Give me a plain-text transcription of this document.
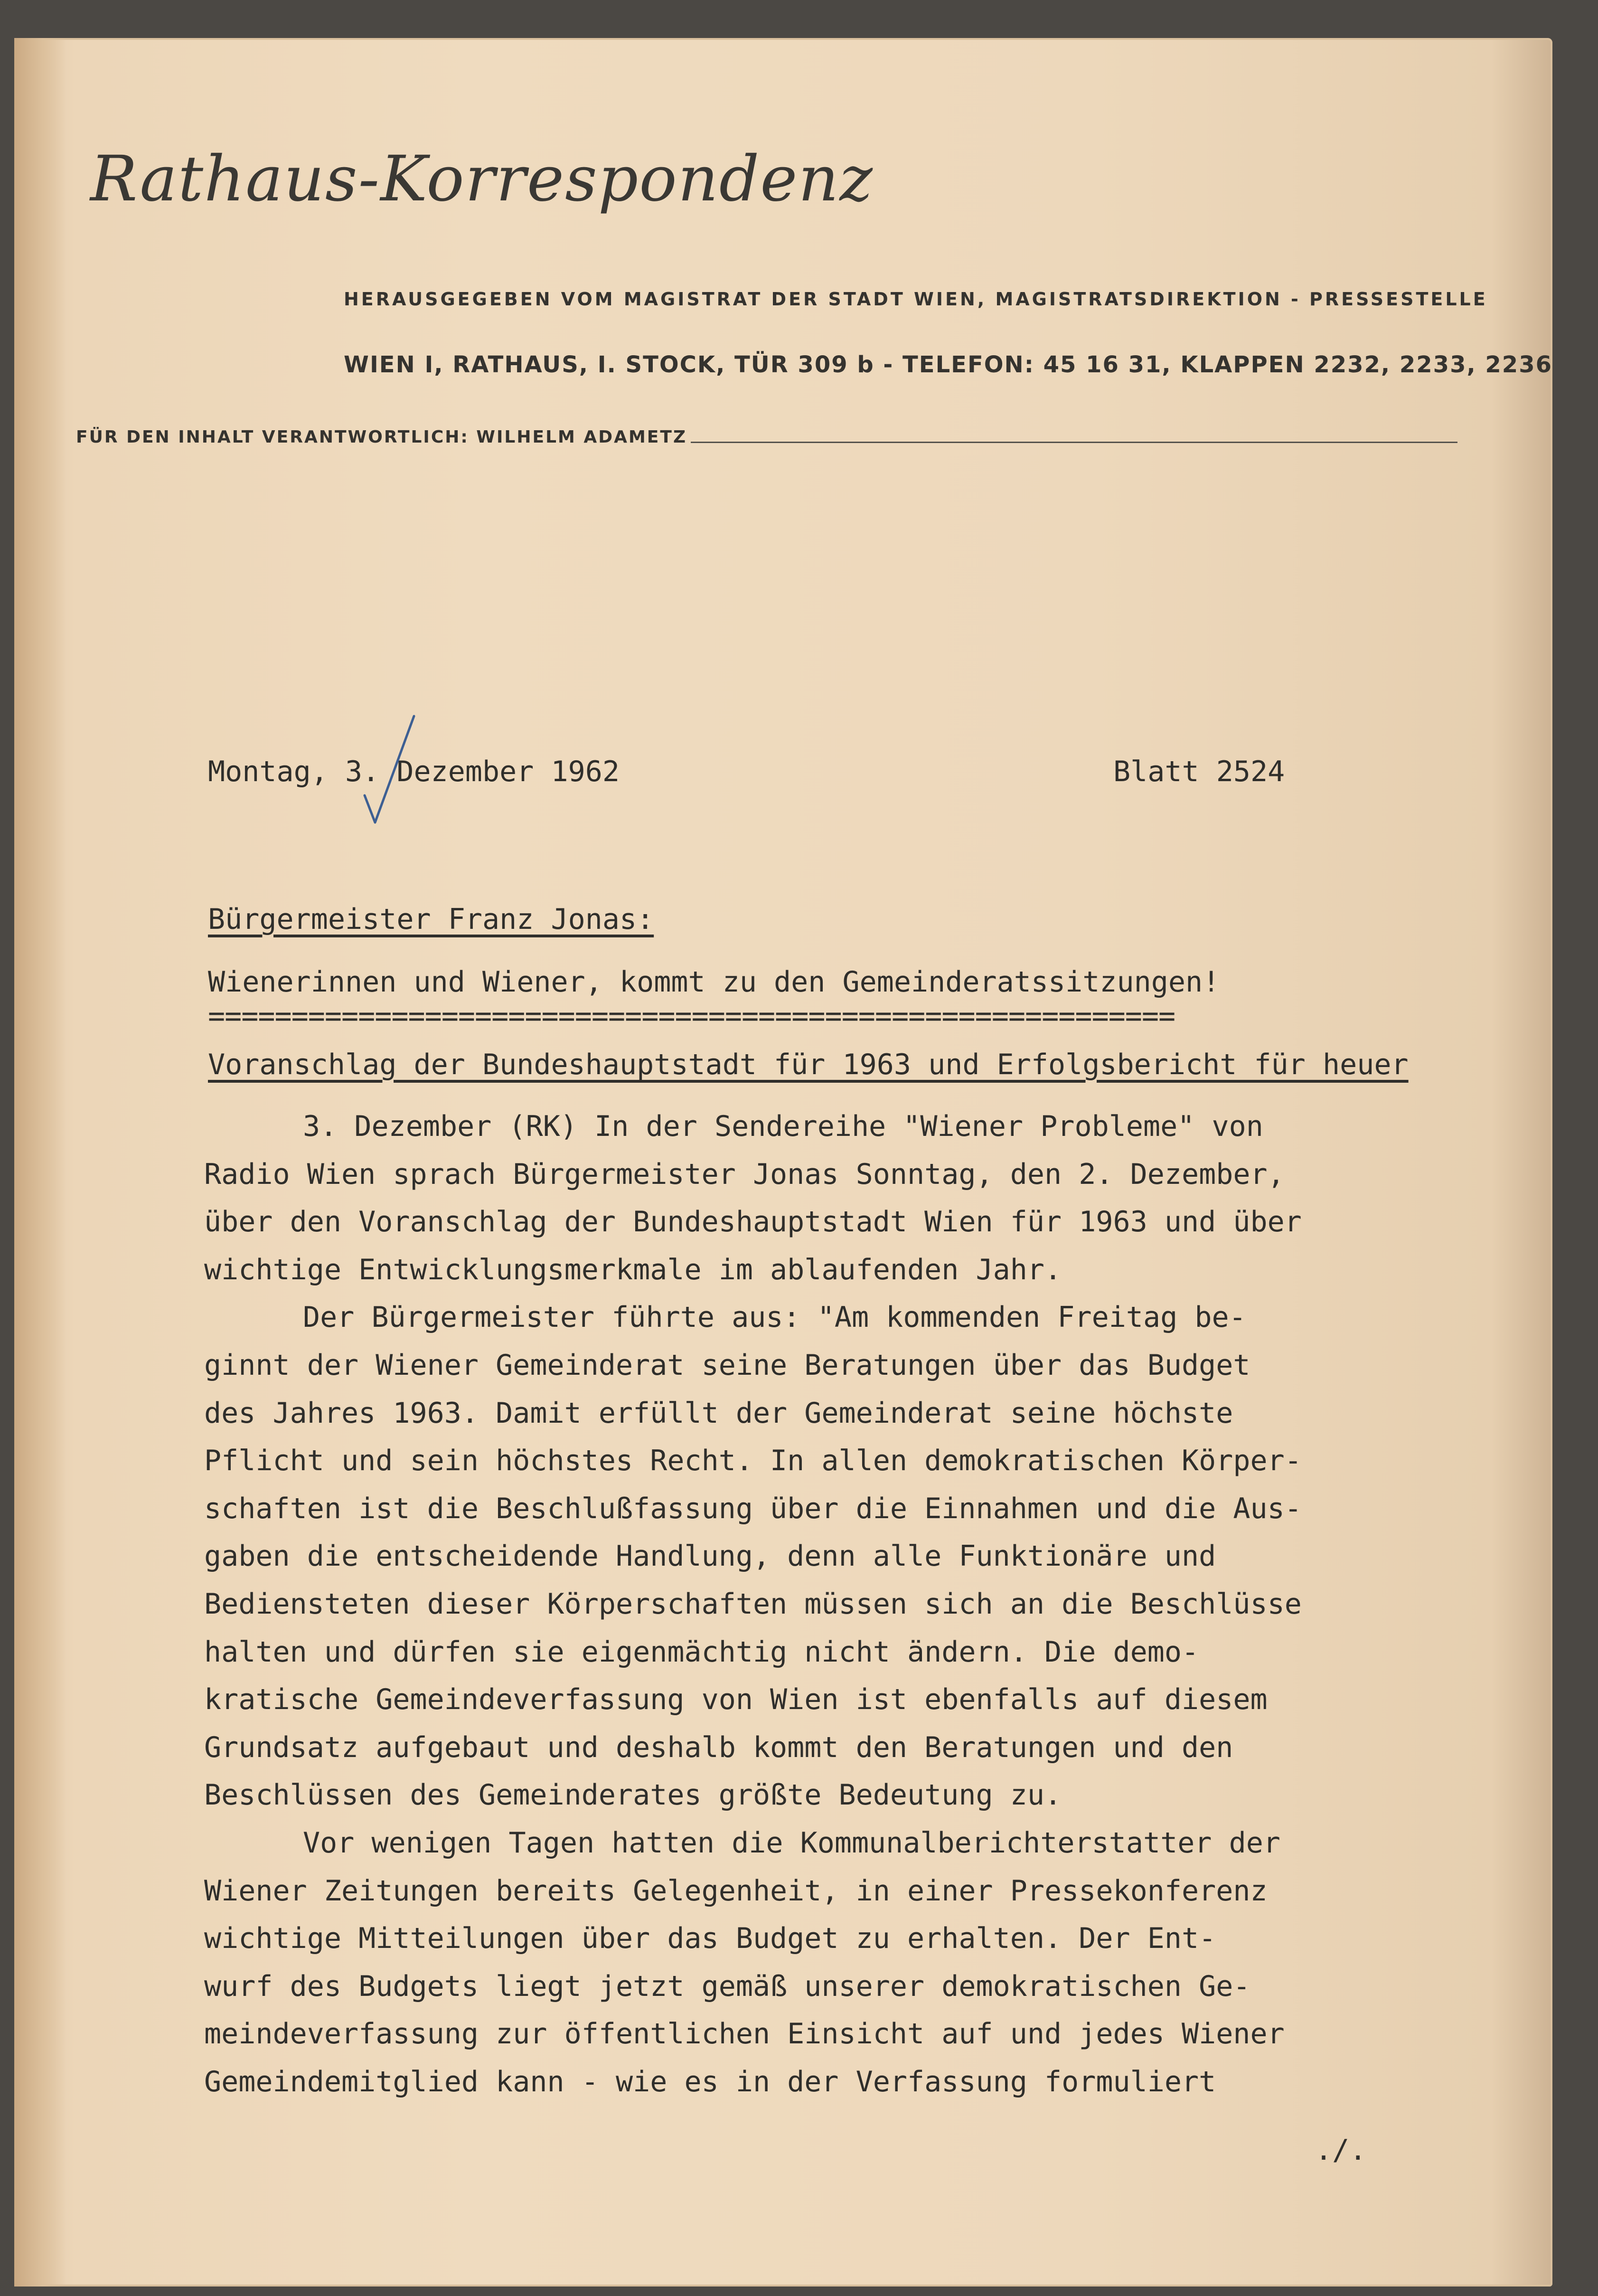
Rathaus-Korrespondenz
HERAUSGEGEBEN VOM MAGISTRAT DER STADT WIEN, MAGISTRATSDIREKTION - PRESSESTELLE
WIEN I, RATHAUS, I. STOCK, TÜR 309 b - TELEFON: 45 16 31, KLAPPEN 2232, 2233, 2236
FÜR DEN INHALT VERANTWORTLICH: WILHELM ADAMETZ
Montag, 3. Dezember 1962	Blatt 2524
Bürgermeister Franz Jonas:
Wienerinnen und Wiener, kommt zu den Gemeinderatssitzungen!
==========================================================
Voranschlag der Bundeshauptstadt für 1963 und Erfolgsbericht für heuer
3. Dezember (RK) In der Sendereihe "Wiener Probleme" von
Radio Wien sprach Bürgermeister Jonas Sonntag, den 2. Dezember,
über den Voranschlag der Bundeshauptstadt Wien für 1963 und über
wichtige Entwicklungsmerkmale im ablaufenden Jahr.
Der Bürgermeister führte aus: "Am kommenden Freitag be-
ginnt der Wiener Gemeinderat seine Beratungen über das Budget
des Jahres 1963. Damit erfüllt der Gemeinderat seine höchste
Pflicht und sein höchstes Recht. In allen demokratischen Körper-
schaften ist die Beschlußfassung über die Einnahmen und die Aus-
gaben die entscheidende Handlung, denn alle Funktionäre und
Bediensteten dieser Körperschaften müssen sich an die Beschlüsse
halten und dürfen sie eigenmächtig nicht ändern. Die demo-
kratische Gemeindeverfassung von Wien ist ebenfalls auf diesem
Grundsatz aufgebaut und deshalb kommt den Beratungen und den
Beschlüssen des Gemeinderates größte Bedeutung zu.
Vor wenigen Tagen hatten die Kommunalberichterstatter der
Wiener Zeitungen bereits Gelegenheit, in einer Pressekonferenz
wichtige Mitteilungen über das Budget zu erhalten. Der Ent-
wurf des Budgets liegt jetzt gemäß unserer demokratischen Ge-
meindeverfassung zur öffentlichen Einsicht auf und jedes Wiener
Gemeindemitglied kann - wie es in der Verfassung formuliert
./.
